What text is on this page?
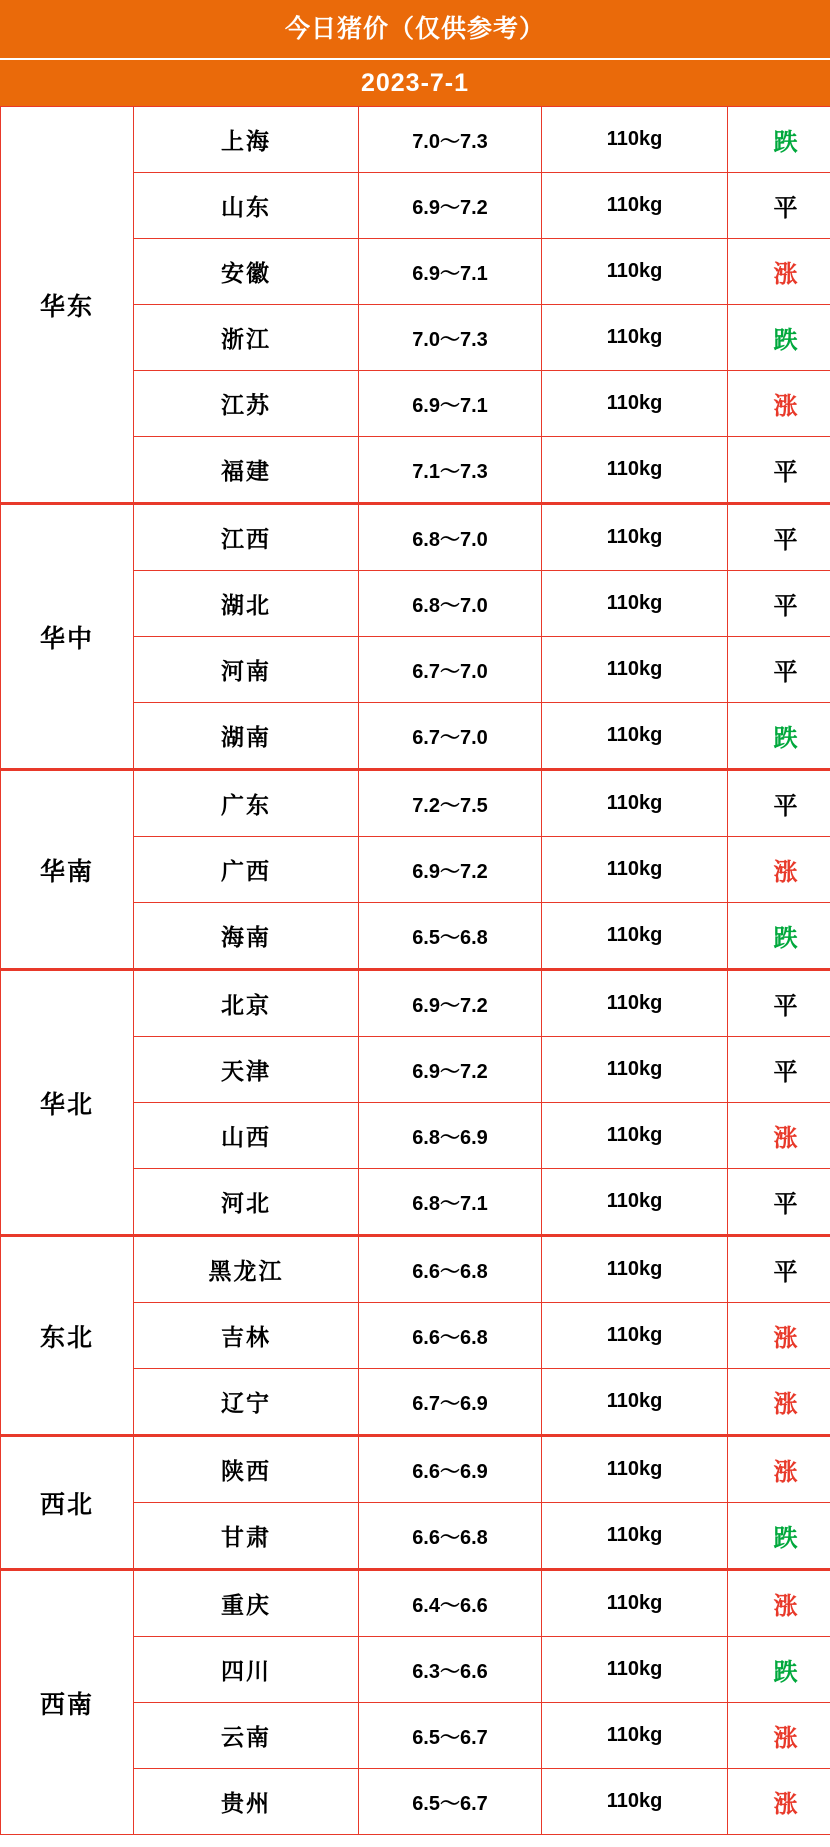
今日猪价（仅供参考）
2023-7-1
华东	上海	7.0～7.3	110kg	跌
	山东	6.9～7.2	110kg	平
	安徽	6.9～7.1	110kg	涨
	浙江	7.0～7.3	110kg	跌
	江苏	6.9～7.1	110kg	涨
	福建	7.1～7.3	110kg	平
华中	江西	6.8～7.0	110kg	平
	湖北	6.8～7.0	110kg	平
	河南	6.7～7.0	110kg	平
	湖南	6.7～7.0	110kg	跌
华南	广东	7.2～7.5	110kg	平
	广西	6.9～7.2	110kg	涨
	海南	6.5～6.8	110kg	跌
华北	北京	6.9～7.2	110kg	平
	天津	6.9～7.2	110kg	平
	山西	6.8～6.9	110kg	涨
	河北	6.8～7.1	110kg	平
东北	黑龙江	6.6～6.8	110kg	平
	吉林	6.6～6.8	110kg	涨
	辽宁	6.7～6.9	110kg	涨
西北	陕西	6.6～6.9	110kg	涨
	甘肃	6.6～6.8	110kg	跌
西南	重庆	6.4～6.6	110kg	涨
	四川	6.3～6.6	110kg	跌
	云南	6.5～6.7	110kg	涨
	贵州	6.5～6.7	110kg	涨
